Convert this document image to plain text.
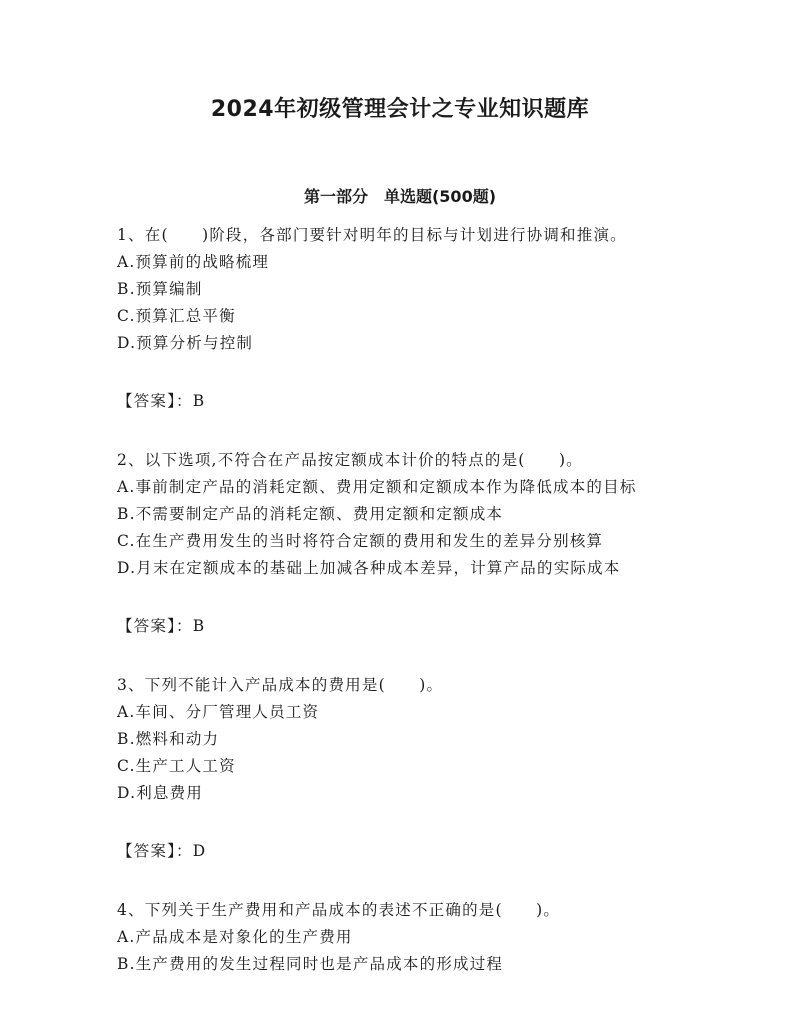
2024年初级管理会计之专业知识题库
第一部分　单选题(500题)
1、在(　　)阶段，各部门要针对明年的目标与计划进行协调和推演。
A.预算前的战略梳理
B.预算编制
C.预算汇总平衡
D.预算分析与控制
【答案】：B
2、以下选项,不符合在产品按定额成本计价的特点的是(　　)。
A.事前制定产品的消耗定额、费用定额和定额成本作为降低成本的目标
B.不需要制定产品的消耗定额、费用定额和定额成本
C.在生产费用发生的当时将符合定额的费用和发生的差异分别核算
D.月末在定额成本的基础上加减各种成本差异，计算产品的实际成本
【答案】：B
3、下列不能计入产品成本的费用是(　　)。
A.车间、分厂管理人员工资
B.燃料和动力
C.生产工人工资
D.利息费用
【答案】：D
4、下列关于生产费用和产品成本的表述不正确的是(　　)。
A.产品成本是对象化的生产费用
B.生产费用的发生过程同时也是产品成本的形成过程
